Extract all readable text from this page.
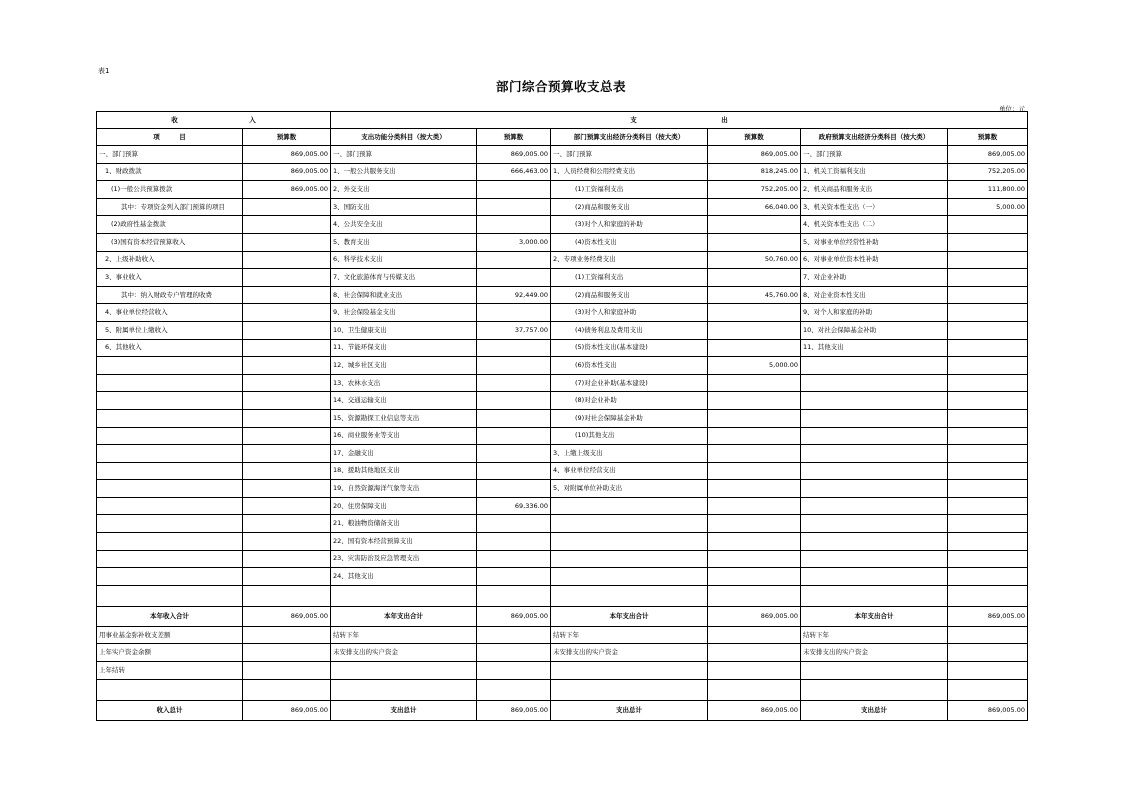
表1
部门综合预算收支总表
单位：元
收　　　　　　　　　　　入		支　　　　　　　　　　　　　出					
项　　　目	预算数	支出功能分类科目（按大类）	预算数	部门预算支出经济分类科目（按大类）	预算数	政府预算支出经济分类科目（按大类）	预算数
一、部门预算	869,005.00	一、部门预算	869,005.00	一、部门预算	869,005.00	一、部门预算	869,005.00
1、财政拨款	869,005.00	1、一般公共服务支出	666,463.00	1、人员经费和公用经费支出	818,245.00	1、机关工资福利支出	752,205.00
(1)一般公共预算拨款	869,005.00	2、外交支出		(1)工资福利支出	752,205.00	2、机关商品和服务支出	111,800.00
其中：专项资金列入部门预算的项目		3、国防支出		(2)商品和服务支出	66,040.00	3、机关资本性支出（一）	5,000.00
(2)政府性基金拨款		4、公共安全支出		(3)对个人和家庭的补助		4、机关资本性支出（二）	
(3)国有资本经营预算收入		5、教育支出	3,000.00	(4)资本性支出		5、对事业单位经常性补助	
2、上级补助收入		6、科学技术支出		2、专项业务经费支出	50,760.00	6、对事业单位资本性补助	
3、事业收入		7、文化旅游体育与传媒支出		(1)工资福利支出		7、对企业补助	
其中：纳入财政专户管理的收费		8、社会保障和就业支出	92,449.00	(2)商品和服务支出	45,760.00	8、对企业资本性支出	
4、事业单位经营收入		9、社会保险基金支出		(3)对个人和家庭补助		9、对个人和家庭的补助	
5、附属单位上缴收入		10、卫生健康支出	37,757.00	(4)债务利息及费用支出		10、对社会保障基金补助	
6、其他收入		11、节能环保支出		(5)资本性支出(基本建设)		11、其他支出	
		12、城乡社区支出		(6)资本性支出	5,000.00		
		13、农林水支出		(7)对企业补助(基本建设)			
		14、交通运输支出		(8)对企业补助			
		15、资源勘探工业信息等支出		(9)对社会保障基金补助			
		16、商业服务业等支出		(10)其他支出			
		17、金融支出		3、上缴上级支出			
		18、援助其他地区支出		4、事业单位经营支出			
		19、自然资源海洋气象等支出		5、对附属单位补助支出			
		20、住房保障支出	69,336.00				
		21、粮油物资储备支出					
		22、国有资本经营预算支出					
		23、灾害防治及应急管理支出					
		24、其他支出					

本年收入合计	869,005.00	本年支出合计	869,005.00	本年支出合计	869,005.00	本年支出合计	869,005.00
用事业基金弥补收支差额		结转下年		结转下年		结转下年	
上年实户资金余额		未安排支出的实户资金		未安排支出的实户资金		未安排支出的实户资金	
上年结转							

收入总计	869,005.00	支出总计	869,005.00	支出总计	869,005.00	支出总计	869,005.00
